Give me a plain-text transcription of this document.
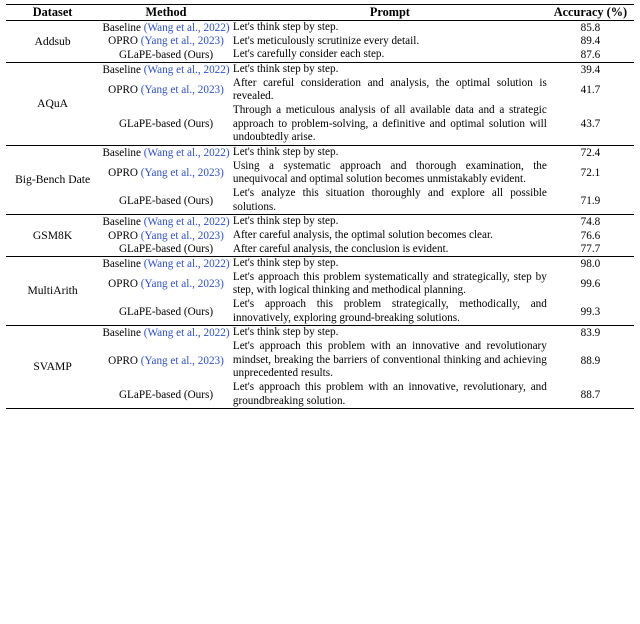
Dataset	Method	Prompt	Accuracy (%)
Addsub	Baseline (Wang et al., 2022)	Let's think step by step.	85.8
	OPRO (Yang et al., 2023)	Let's meticulously scrutinize every detail.	89.4
	GLaPE-based (Ours)	Let's carefully consider each step.	87.6
AQuA	Baseline (Wang et al., 2022)	Let's think step by step.	39.4
	OPRO (Yang et al., 2023)	After careful consideration and analysis, the optimal solution is revealed.	41.7
	GLaPE-based (Ours)	Through a meticulous analysis of all available data and a strategic approach to problem-solving, a definitive and optimal solution will undoubtedly arise.	43.7
Big-Bench Date	Baseline (Wang et al., 2022)	Let's think step by step.	72.4
	OPRO (Yang et al., 2023)	Using a systematic approach and thorough examination, the unequivocal and optimal solution becomes unmistakably evident.	72.1
	GLaPE-based (Ours)	Let's analyze this situation thoroughly and explore all possible solutions.	71.9
GSM8K	Baseline (Wang et al., 2022)	Let's think step by step.	74.8
	OPRO (Yang et al., 2023)	After careful analysis, the optimal solution becomes clear.	76.6
	GLaPE-based (Ours)	After careful analysis, the conclusion is evident.	77.7
MultiArith	Baseline (Wang et al., 2022)	Let's think step by step.	98.0
	OPRO (Yang et al., 2023)	Let's approach this problem systematically and strategically, step by step, with logical thinking and methodical planning.	99.6
	GLaPE-based (Ours)	Let's approach this problem strategically, methodically, and innovatively, exploring ground-breaking solutions.	99.3
SVAMP	Baseline (Wang et al., 2022)	Let's think step by step.	83.9
	OPRO (Yang et al., 2023)	Let's approach this problem with an innovative and revolutionary mindset, breaking the barriers of conventional thinking and achieving unprecedented results.	88.9
	GLaPE-based (Ours)	Let's approach this problem with an innovative, revolutionary, and groundbreaking solution.	88.7
